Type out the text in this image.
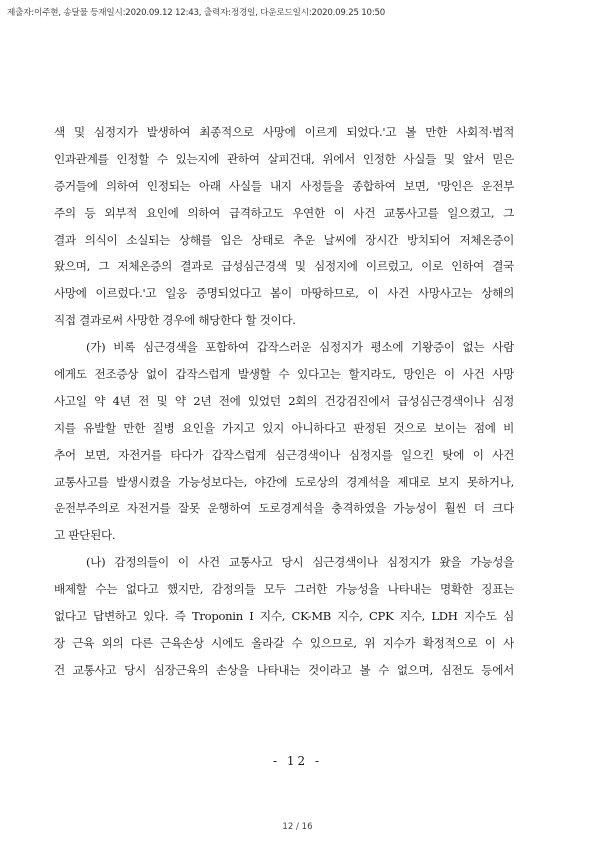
제출자:이주현, 송달물 등재일시:2020.09.12 12:43, 출력자:정경일, 다운로드일시:2020.09.25 10:50
색 및 심정지가 발생하여 최종적으로 사망에 이르게 되었다.'고 볼 만한 사회적·법적
인과관계를 인정할 수 있는지에 관하여 살피건대, 위에서 인정한 사실들 및 앞서 믿은
증거들에 의하여 인정되는 아래 사실들 내지 사정들을 종합하여 보면, '망인은 운전부
주의 등 외부적 요인에 의하여 급격하고도 우연한 이 사건 교통사고를 일으켰고, 그
결과 의식이 소실되는 상해를 입은 상태로 추운 날씨에 장시간 방치되어 저체온증이
왔으며, 그 저체온증의 결과로 급성심근경색 및 심정지에 이르렀고, 이로 인하여 결국
사망에 이르렀다.'고 일응 증명되었다고 봄이 마땅하므로, 이 사건 사망사고는 상해의
직접 결과로써 사망한 경우에 해당한다 할 것이다.
(가) 비록 심근경색을 포함하여 갑작스러운 심정지가 평소에 기왕증이 없는 사람
에게도 전조증상 없이 갑작스럽게 발생할 수 있다고는 할지라도, 망인은 이 사건 사망
사고일 약 4년 전 및 약 2년 전에 있었던 2회의 건강검진에서 급성심근경색이나 심정
지를 유발할 만한 질병 요인을 가지고 있지 아니하다고 판정된 것으로 보이는 점에 비
추어 보면, 자전거를 타다가 갑작스럽게 심근경색이나 심정지를 일으킨 탓에 이 사건
교통사고를 발생시켰을 가능성보다는, 야간에 도로상의 경계석을 제대로 보지 못하거나,
운전부주의로 자전거를 잘못 운행하여 도로경계석을 충격하였을 가능성이 훨씬 더 크다
고 판단된다.
(나) 감정의들이 이 사건 교통사고 당시 심근경색이나 심정지가 왔을 가능성을
배제할 수는 없다고 했지만, 감정의들 모두 그러한 가능성을 나타내는 명확한 징표는
없다고 답변하고 있다. 즉 Troponin I 지수, CK-MB 지수, CPK 지수, LDH 지수도 심
장 근육 외의 다른 근육손상 시에도 올라갈 수 있으므로, 위 지수가 확정적으로 이 사
건 교통사고 당시 심장근육의 손상을 나타내는 것이라고 볼 수 없으며, 심전도 등에서
- 12 -
12 / 16
